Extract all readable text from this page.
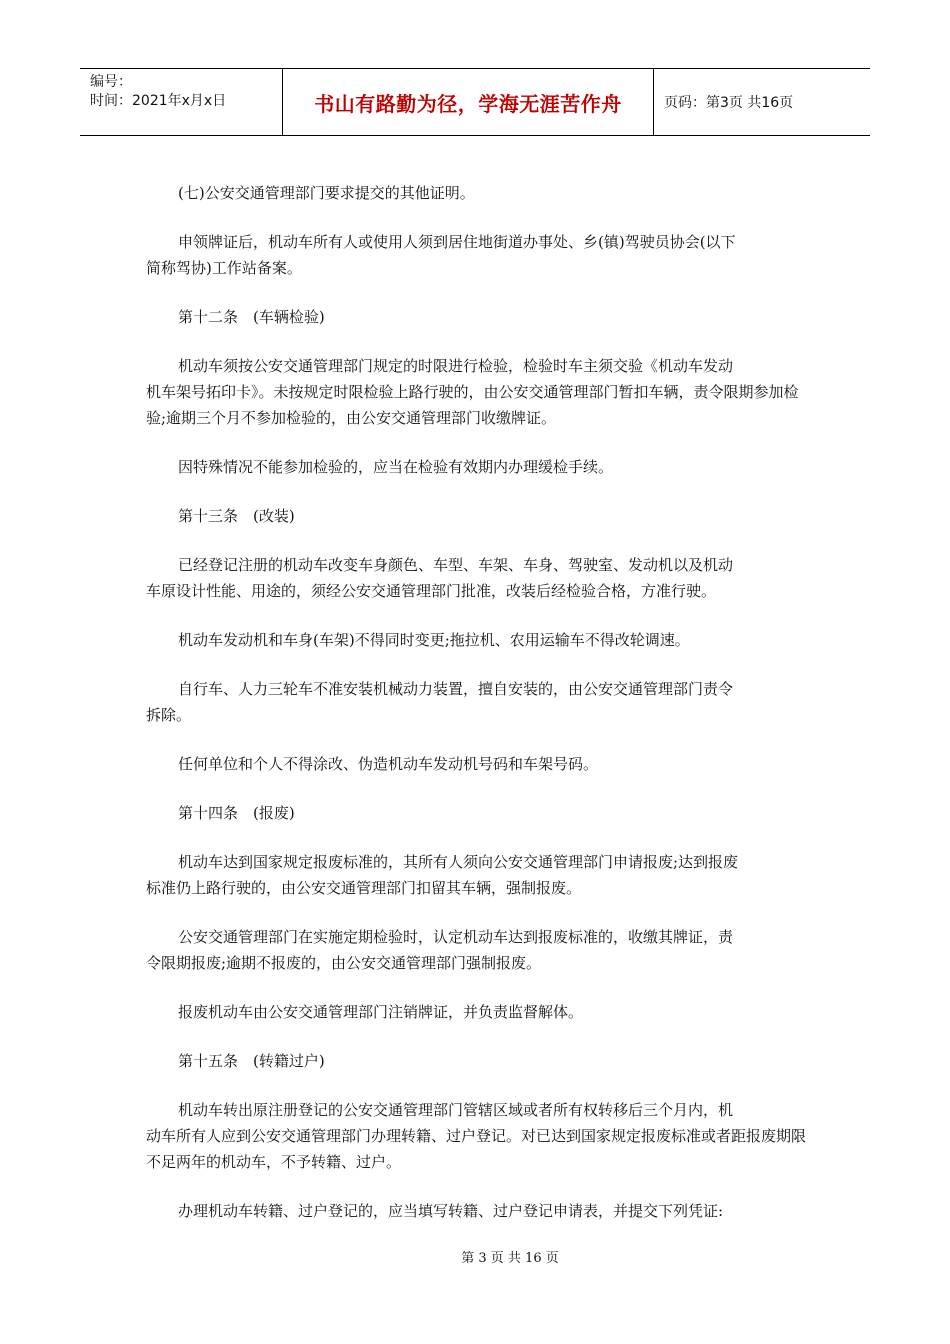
编号：
时间：2021年x月x日	书山有路勤为径，学海无涯苦作舟	页码：第3页 共16页
(七)公安交通管理部门要求提交的其他证明。
申领牌证后，机动车所有人或使用人须到居住地街道办事处、乡(镇)驾驶员协会(以下
简称驾协)工作站备案。
第十二条　(车辆检验)
机动车须按公安交通管理部门规定的时限进行检验，检验时车主须交验《机动车发动
机车架号拓印卡》。未按规定时限检验上路行驶的，由公安交通管理部门暂扣车辆，责令限期参加检验;逾期三个月不参加检验的，由公安交通管理部门收缴牌证。
因特殊情况不能参加检验的，应当在检验有效期内办理缓检手续。
第十三条　(改装)
已经登记注册的机动车改变车身颜色、车型、车架、车身、驾驶室、发动机以及机动
车原设计性能、用途的，须经公安交通管理部门批准，改装后经检验合格，方准行驶。
机动车发动机和车身(车架)不得同时变更;拖拉机、农用运输车不得改轮调速。
自行车、人力三轮车不准安装机械动力装置，擅自安装的，由公安交通管理部门责令
拆除。
任何单位和个人不得涂改、伪造机动车发动机号码和车架号码。
第十四条　(报废)
机动车达到国家规定报废标准的，其所有人须向公安交通管理部门申请报废;达到报废
标准仍上路行驶的，由公安交通管理部门扣留其车辆，强制报废。
公安交通管理部门在实施定期检验时，认定机动车达到报废标准的，收缴其牌证，责
令限期报废;逾期不报废的，由公安交通管理部门强制报废。
报废机动车由公安交通管理部门注销牌证，并负责监督解体。
第十五条　(转籍过户)
机动车转出原注册登记的公安交通管理部门管辖区域或者所有权转移后三个月内，机
动车所有人应到公安交通管理部门办理转籍、过户登记。对已达到国家规定报废标准或者距报废期限不足两年的机动车，不予转籍、过户。
办理机动车转籍、过户登记的，应当填写转籍、过户登记申请表，并提交下列凭证:
第 3 页 共 16 页
